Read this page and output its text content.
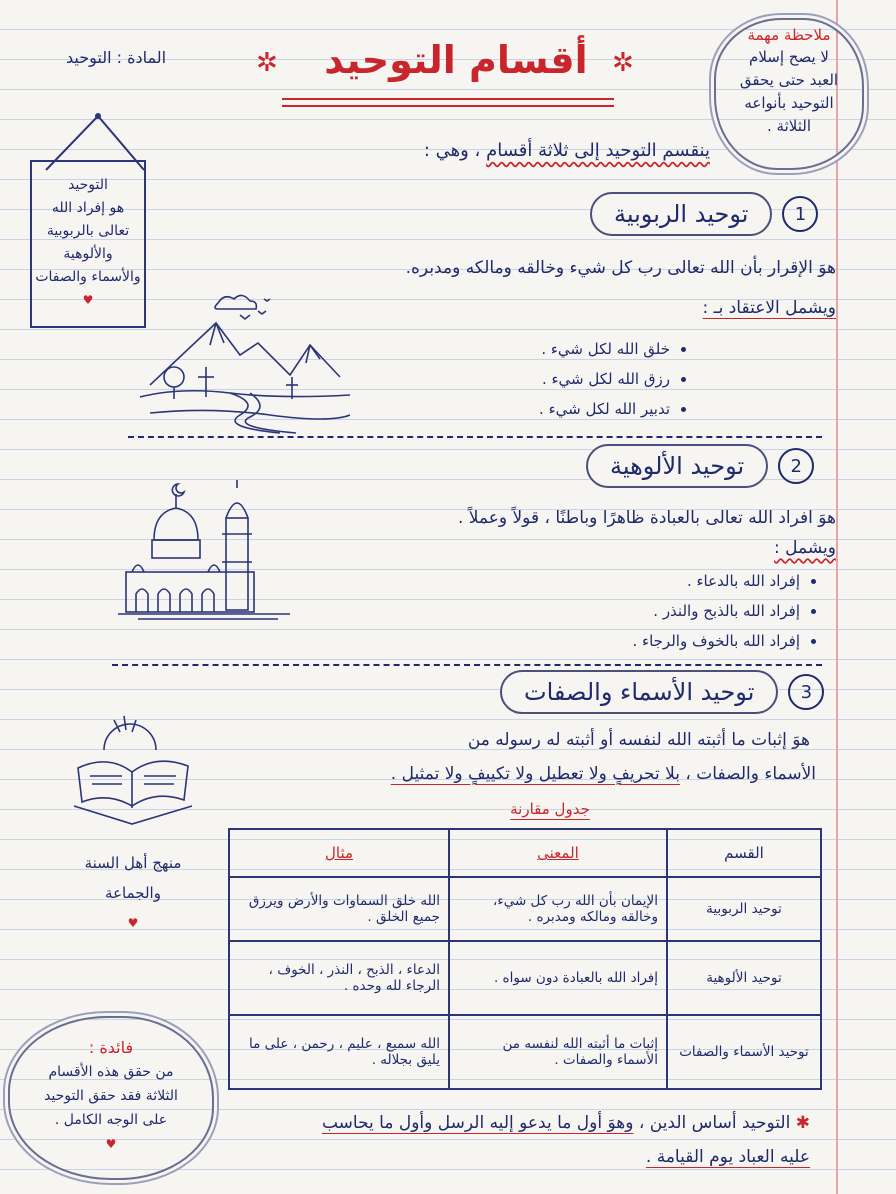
المادة : التوحيد	✲	أقسام التوحيد ✲
ملاحظة مهمة
لا يصح إسلام
العبد حتى يحقق
التوحيد بأنواعه
الثلاثة .
التوحيد
هو إفراد الله
تعالى بالربوبية
والألوهية
والأسماء والصفات
♥
ينقسم التوحيد إلى ثلاثة أقسام ، وهي :
1
توحيد الربوبية
هوَ الإقرار بأن الله تعالى رب كل شيء وخالقه ومالكه ومدبره.
ويشمل الاعتقاد بـ :
• خلق الله لكل شيء .
• رزق الله لكل شيء .
• تدبير الله لكل شيء .
2
توحيد الألوهية
هوَ افراد الله تعالى بالعبادة ظاهرًا وباطنًا ، قولاً وعملاً .
ويشمل :
• إفراد الله بالدعاء .
• إفراد الله بالذبح والنذر .
• إفراد الله بالخوف والرجاء .
3
توحيد الأسماء والصفات
هوَ إثبات ما أثبته الله لنفسه أو أثبته له رسوله من
الأسماء والصفات ، بلا تحريفٍ ولا تعطيل ولا تكييفٍ ولا تمثيل .
منهج أهل السنة
والجماعة
♥
جدول مقارنة
القسم	المعنى	مثال
توحيد الربوبية	الإيمان بأن الله رب كل شيء، وخالقه ومالكه ومدبره .	الله خلق السماوات والأرض ويرزق جميع الخلق .
توحيد الألوهية	إفراد الله بالعبادة دون سواه .	الدعاء ، الذبح ، النذر ، الخوف ، الرجاء لله وحده .
توحيد الأسماء والصفات	إثبات ما أثبته الله لنفسه من الأسماء والصفات .	الله سميع ، عليم ، رحمن ، على ما يليق بجلاله .
فائدة :
من حقق هذه الأقسام
الثلاثة فقد حقق التوحيد
على الوجه الكامل .
♥
✱ التوحيد أساس الدين ، وهوَ أول ما يدعو إليه الرسل وأول ما يحاسب
عليه العباد يوم القيامة .
